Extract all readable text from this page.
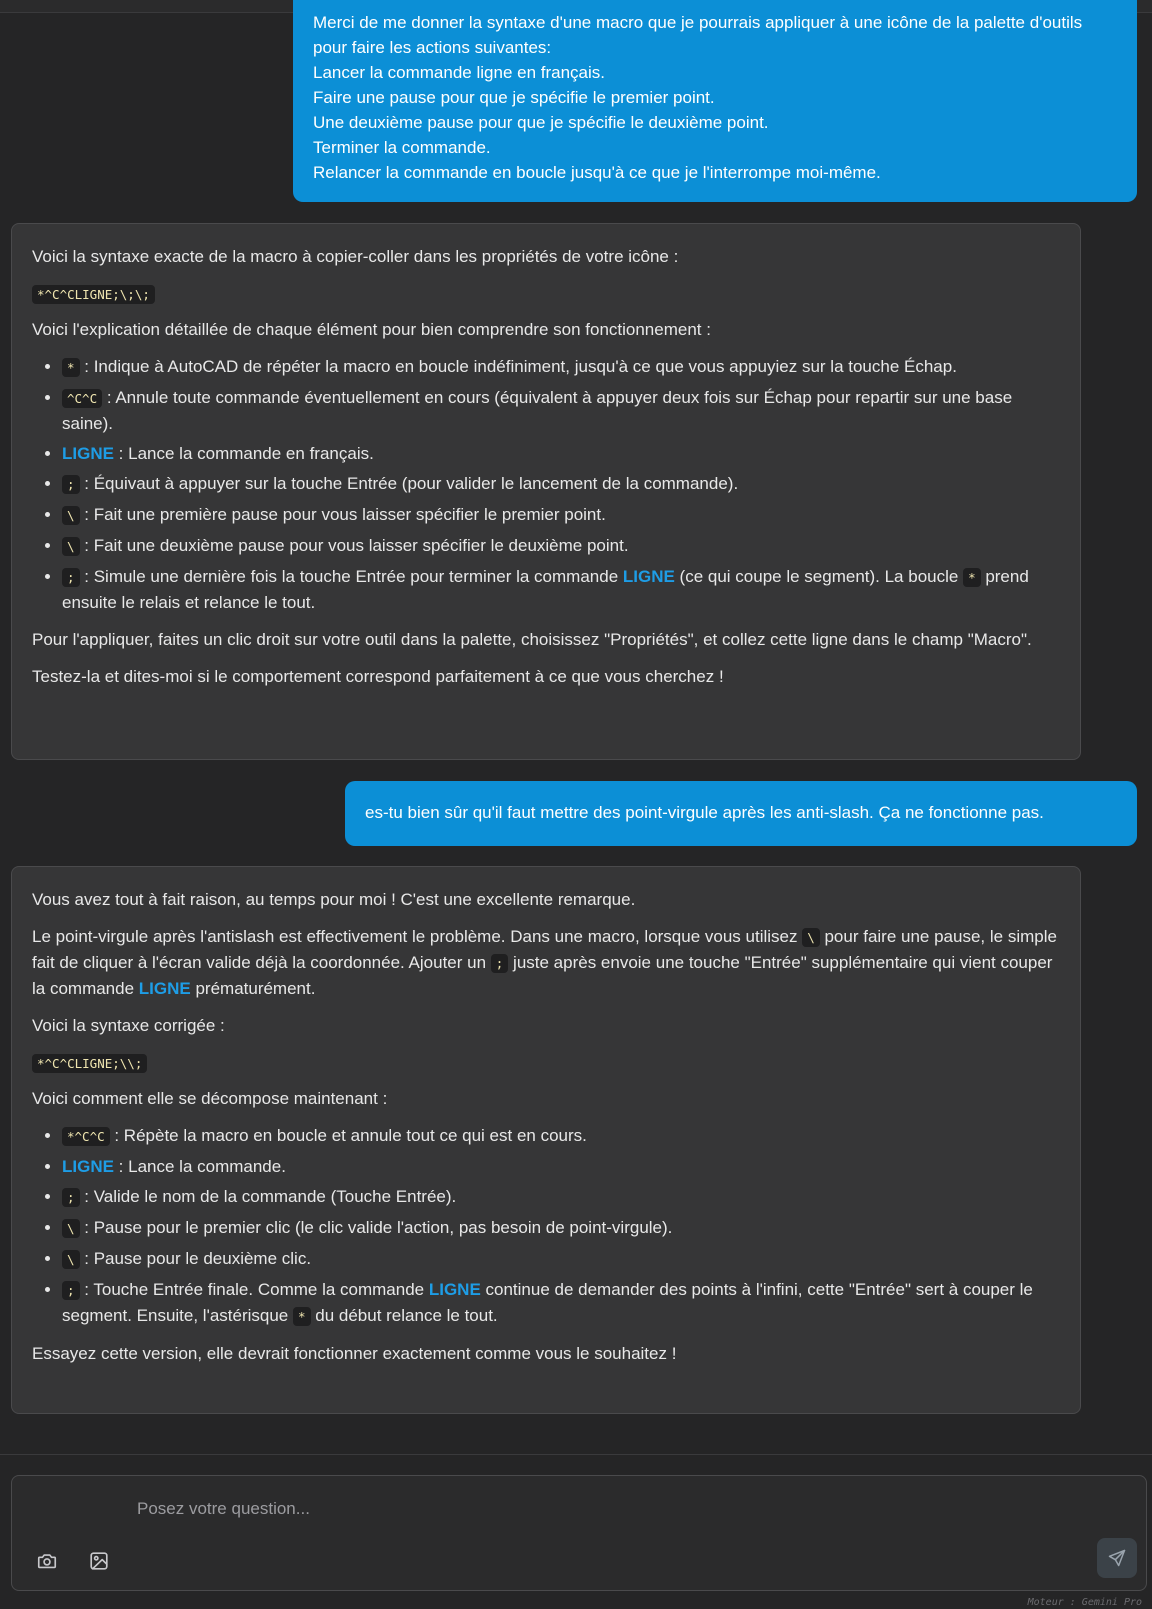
Merci de me donner la syntaxe d'une macro que je pourrais appliquer à une icône de la palette d'outils pour faire les actions suivantes:
Lancer la commande ligne en français.
Faire une pause pour que je spécifie le premier point.
Une deuxième pause pour que je spécifie le deuxième point.
Terminer la commande.
Relancer la commande en boucle jusqu'à ce que je l'interrompe moi-même.

Voici la syntaxe exacte de la macro à copier-coller dans les propriétés de votre icône :

*^C^CLIGNE;\;\;

Voici l'explication détaillée de chaque élément pour bien comprendre son fonctionnement :

• * : Indique à AutoCAD de répéter la macro en boucle indéfiniment, jusqu'à ce que vous appuyiez sur la touche Échap.
• ^C^C : Annule toute commande éventuellement en cours (équivalent à appuyer deux fois sur Échap pour repartir sur une base saine).
• LIGNE : Lance la commande en français.
• ; : Équivaut à appuyer sur la touche Entrée (pour valider le lancement de la commande).
• \ : Fait une première pause pour vous laisser spécifier le premier point.
• \ : Fait une deuxième pause pour vous laisser spécifier le deuxième point.
• ; : Simule une dernière fois la touche Entrée pour terminer la commande LIGNE (ce qui coupe le segment). La boucle * prend ensuite le relais et relance le tout.

Pour l'appliquer, faites un clic droit sur votre outil dans la palette, choisissez "Propriétés", et collez cette ligne dans le champ "Macro".

Testez-la et dites-moi si le comportement correspond parfaitement à ce que vous cherchez !

es-tu bien sûr qu'il faut mettre des point-virgule après les anti-slash. Ça ne fonctionne pas.

Vous avez tout à fait raison, au temps pour moi ! C'est une excellente remarque.

Le point-virgule après l'antislash est effectivement le problème. Dans une macro, lorsque vous utilisez \ pour faire une pause, le simple fait de cliquer à l'écran valide déjà la coordonnée. Ajouter un ; juste après envoie une touche "Entrée" supplémentaire qui vient couper la commande LIGNE prématurément.

Voici la syntaxe corrigée :

*^C^CLIGNE;\\;

Voici comment elle se décompose maintenant :

• *^C^C : Répète la macro en boucle et annule tout ce qui est en cours.
• LIGNE : Lance la commande.
• ; : Valide le nom de la commande (Touche Entrée).
• \ : Pause pour le premier clic (le clic valide l'action, pas besoin de point-virgule).
• \ : Pause pour le deuxième clic.
• ; : Touche Entrée finale. Comme la commande LIGNE continue de demander des points à l'infini, cette "Entrée" sert à couper le segment. Ensuite, l'astérisque * du début relance le tout.

Essayez cette version, elle devrait fonctionner exactement comme vous le souhaitez !

Posez votre question...
Moteur : Gemini Pro
